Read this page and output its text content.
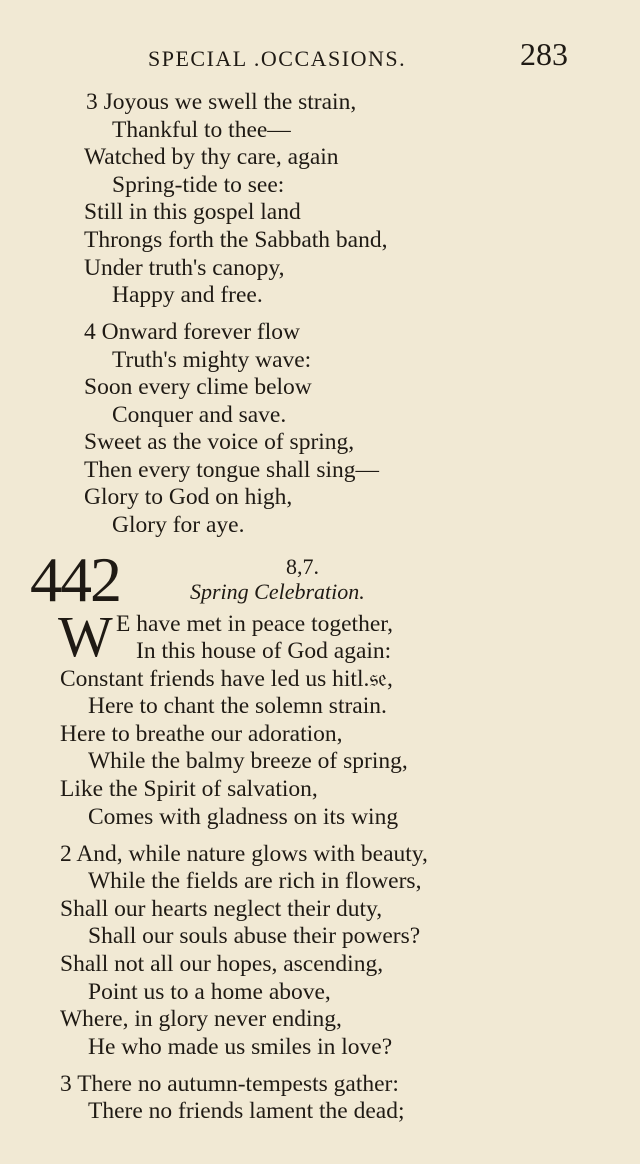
SPECIAL .OCCASIONS.	283
3 Joyous we swell the strain,
Thankful to thee—
Watched by thy care, again
Spring-tide to see:
Still in this gospel land
Throngs forth the Sabbath band,
Under truth's canopy,
Happy and free.
4 Onward forever flow
Truth's mighty wave:
Soon every clime below
Conquer and save.
Sweet as the voice of spring,
Then every tongue shall sing—
Glory to God on high,
Glory for aye.
442	8,7.
Spring Celebration.
W E have met in peace together,
In this house of God again:
Constant friends have led us hitl.𝔰𝔢,
Here to chant the solemn strain.
Here to breathe our adoration,
While the balmy breeze of spring,
Like the Spirit of salvation,
Comes with gladness on its wing
2 And, while nature glows with beauty,
While the fields are rich in flowers,
Shall our hearts neglect their duty,
Shall our souls abuse their powers?
Shall not all our hopes, ascending,
Point us to a home above,
Where, in glory never ending,
He who made us smiles in love?
3 There no autumn-tempests gather:
There no friends lament the dead;
